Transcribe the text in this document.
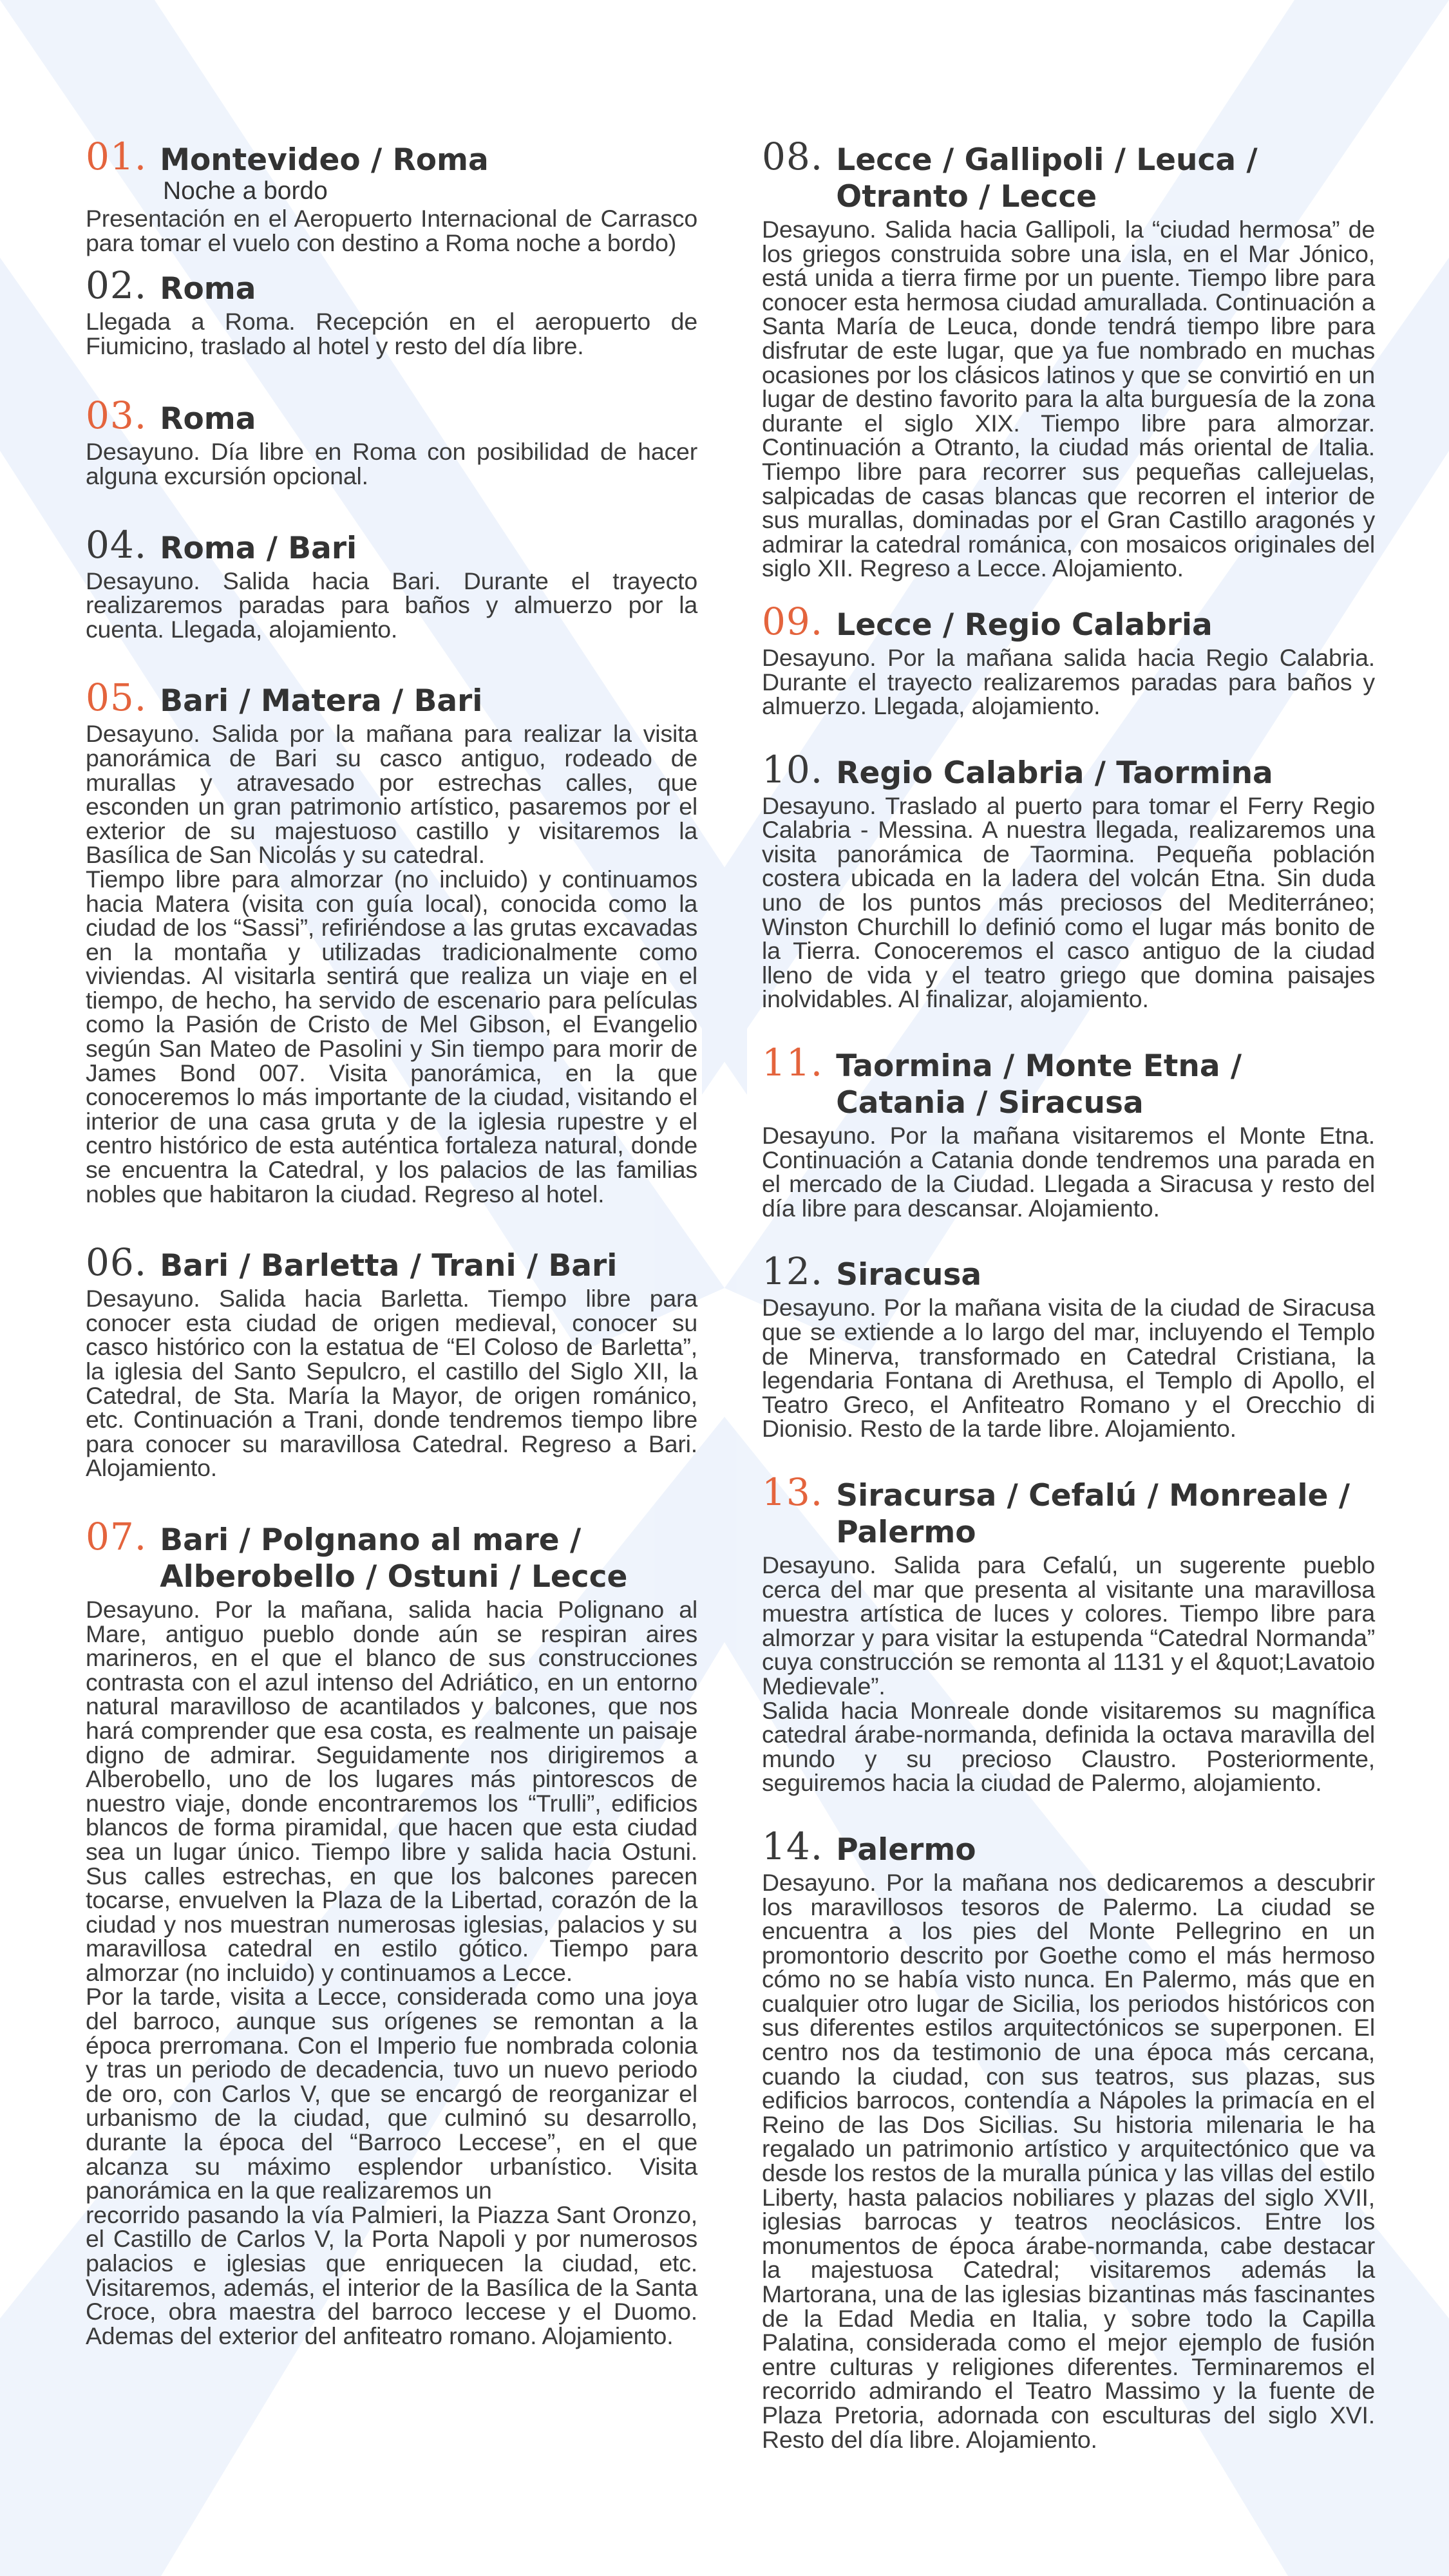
01. Montevideo / Roma
Noche a bordo

Presentación en el Aeropuerto Internacional de Carrasco para tomar el vuelo con destino a Roma noche a bordo)

02. Roma

Llegada a Roma. Recepción en el aeropuerto de Fiumicino, traslado al hotel y resto del día libre.

03. Roma

Desayuno. Día libre en Roma con posibilidad de hacer alguna excursión opcional.

04. Roma / Bari

Desayuno. Salida hacia Bari. Durante el trayecto realizaremos paradas para baños y almuerzo por la cuenta. Llegada, alojamiento.

05. Bari / Matera / Bari

Desayuno. Salida por la mañana para realizar la visita panorámica de Bari su casco antiguo, rodeado de murallas y atravesado por estrechas calles, que esconden un gran patrimonio artístico, pasaremos por el exterior de su majestuoso castillo y visitaremos la Basílica de San Nicolás y su catedral.

Tiempo libre para almorzar (no incluido) y continuamos hacia Matera (visita con guía local), conocida como la ciudad de los “Sassi”, refiriéndose a las grutas excavadas en la montaña y utilizadas tradicionalmente como viviendas. Al visitarla sentirá que realiza un viaje en el tiempo, de hecho, ha servido de escenario para películas como la Pasión de Cristo de Mel Gibson, el Evangelio según San Mateo de Pasolini y Sin tiempo para morir de James Bond 007. Visita panorámica, en la que conoceremos lo más importante de la ciudad, visitando el interior de una casa gruta y de la iglesia rupestre y el centro histórico de esta auténtica fortaleza natural, donde se encuentra la Catedral, y los palacios de las familias nobles que habitaron la ciudad. Regreso al hotel.

06. Bari / Barletta / Trani / Bari

Desayuno. Salida hacia Barletta. Tiempo libre para conocer esta ciudad de origen medieval, conocer su casco histórico con la estatua de “El Coloso de Barletta”, la iglesia del Santo Sepulcro, el castillo del Siglo XII, la Catedral, de Sta. María la Mayor, de origen románico, etc. Continuación a Trani, donde tendremos tiempo libre para conocer su maravillosa Catedral. Regreso a Bari. Alojamiento.

07. Bari / Polgnano al mare / Alberobello / Ostuni / Lecce

Desayuno. Por la mañana, salida hacia Polignano al Mare, antiguo pueblo donde aún se respiran aires marineros, en el que el blanco de sus construcciones contrasta con el azul intenso del Adriático, en un entorno natural maravilloso de acantilados y balcones, que nos hará comprender que esa costa, es realmente un paisaje digno de admirar. Seguidamente nos dirigiremos a Alberobello, uno de los lugares más pintorescos de nuestro viaje, donde encontraremos los “Trulli”, edificios blancos de forma piramidal, que hacen que esta ciudad sea un lugar único. Tiempo libre y salida hacia Ostuni. Sus calles estrechas, en que los balcones parecen tocarse, envuelven la Plaza de la Libertad, corazón de la ciudad y nos muestran numerosas iglesias, palacios y su maravillosa catedral en estilo gótico. Tiempo para almorzar (no incluido) y continuamos a Lecce.

Por la tarde, visita a Lecce, considerada como una joya del barroco, aunque sus orígenes se remontan a la época prerromana. Con el Imperio fue nombrada colonia y tras un periodo de decadencia, tuvo un nuevo periodo de oro, con Carlos V, que se encargó de reorganizar el urbanismo de la ciudad, que culminó su desarrollo, durante la época del “Barroco Leccese”, en el que alcanza su máximo esplendor urbanístico. Visita panorámica en la que realizaremos un

recorrido pasando la vía Palmieri, la Piazza Sant Oronzo, el Castillo de Carlos V, la Porta Napoli y por numerosos palacios e iglesias que enriquecen la ciudad, etc. Visitaremos, además, el interior de la Basílica de la Santa Croce, obra maestra del barroco leccese y el Duomo. Ademas del exterior del anfiteatro romano. Alojamiento.

08. Lecce / Gallipoli / Leuca / Otranto / Lecce

Desayuno. Salida hacia Gallipoli, la “ciudad hermosa” de los griegos construida sobre una isla, en el Mar Jónico, está unida a tierra firme por un puente. Tiempo libre para conocer esta hermosa ciudad amurallada. Continuación a Santa María de Leuca, donde tendrá tiempo libre para disfrutar de este lugar, que ya fue nombrado en muchas ocasiones por los clásicos latinos y que se convirtió en un lugar de destino favorito para la alta burguesía de la zona durante el siglo XIX. Tiempo libre para almorzar. Continuación a Otranto, la ciudad más oriental de Italia. Tiempo libre para recorrer sus pequeñas callejuelas, salpicadas de casas blancas que recorren el interior de sus murallas, dominadas por el Gran Castillo aragonés y admirar la catedral románica, con mosaicos originales del siglo XII. Regreso a Lecce. Alojamiento.

09. Lecce / Regio Calabria

Desayuno. Por la mañana salida hacia Regio Calabria. Durante el trayecto realizaremos paradas para baños y almuerzo. Llegada, alojamiento.

10. Regio Calabria / Taormina

Desayuno. Traslado al puerto para tomar el Ferry Regio Calabria - Messina. A nuestra llegada, realizaremos una visita panorámica de Taormina. Pequeña población costera ubicada en la ladera del volcán Etna. Sin duda uno de los puntos más preciosos del Mediterráneo; Winston Churchill lo definió como el lugar más bonito de la Tierra. Conoceremos el casco antiguo de la ciudad lleno de vida y el teatro griego que domina paisajes inolvidables. Al finalizar, alojamiento.

11. Taormina / Monte Etna / Catania / Siracusa

Desayuno. Por la mañana visitaremos el Monte Etna. Continuación a Catania donde tendremos una parada en el mercado de la Ciudad. Llegada a Siracusa y resto del día libre para descansar. Alojamiento.

12. Siracusa

Desayuno. Por la mañana visita de la ciudad de Siracusa que se extiende a lo largo del mar, incluyendo el Templo de Minerva, transformado en Catedral Cristiana, la legendaria Fontana di Arethusa, el Templo di Apollo, el Teatro Greco, el Anfiteatro Romano y el Orecchio di Dionisio. Resto de la tarde libre. Alojamiento.

13. Siracursa / Cefalú / Monreale / Palermo

Desayuno. Salida para Cefalú, un sugerente pueblo cerca del mar que presenta al visitante una maravillosa muestra artística de luces y colores. Tiempo libre para almorzar y para visitar la estupenda “Catedral Normanda” cuya construcción se remonta al 1131 y el &quot;Lavatoio Medievale”.

Salida hacia Monreale donde visitaremos su magnífica catedral árabe-normanda, definida la octava maravilla del mundo y su precioso Claustro. Posteriormente, seguiremos hacia la ciudad de Palermo, alojamiento.

14. Palermo

Desayuno. Por la mañana nos dedicaremos a descubrir los maravillosos tesoros de Palermo. La ciudad se encuentra a los pies del Monte Pellegrino en un promontorio descrito por Goethe como el más hermoso cómo no se había visto nunca. En Palermo, más que en cualquier otro lugar de Sicilia, los periodos históricos con sus diferentes estilos arquitectónicos se superponen. El centro nos da testimonio de una época más cercana, cuando la ciudad, con sus teatros, sus plazas, sus edificios barrocos, contendía a Nápoles la primacía en el Reino de las Dos Sicilias. Su historia milenaria le ha regalado un patrimonio artístico y arquitectónico que va desde los restos de la muralla púnica y las villas del estilo Liberty, hasta palacios nobiliares y plazas del siglo XVII, iglesias barrocas y teatros neoclásicos. Entre los monumentos de época árabe-normanda, cabe destacar la majestuosa Catedral; visitaremos además la Martorana, una de las iglesias bizantinas más fascinantes de la Edad Media en Italia, y sobre todo la Capilla Palatina, considerada como el mejor ejemplo de fusión entre culturas y religiones diferentes. Terminaremos el recorrido admirando el Teatro Massimo y la fuente de Plaza Pretoria, adornada con esculturas del siglo XVI. Resto del día libre. Alojamiento.
